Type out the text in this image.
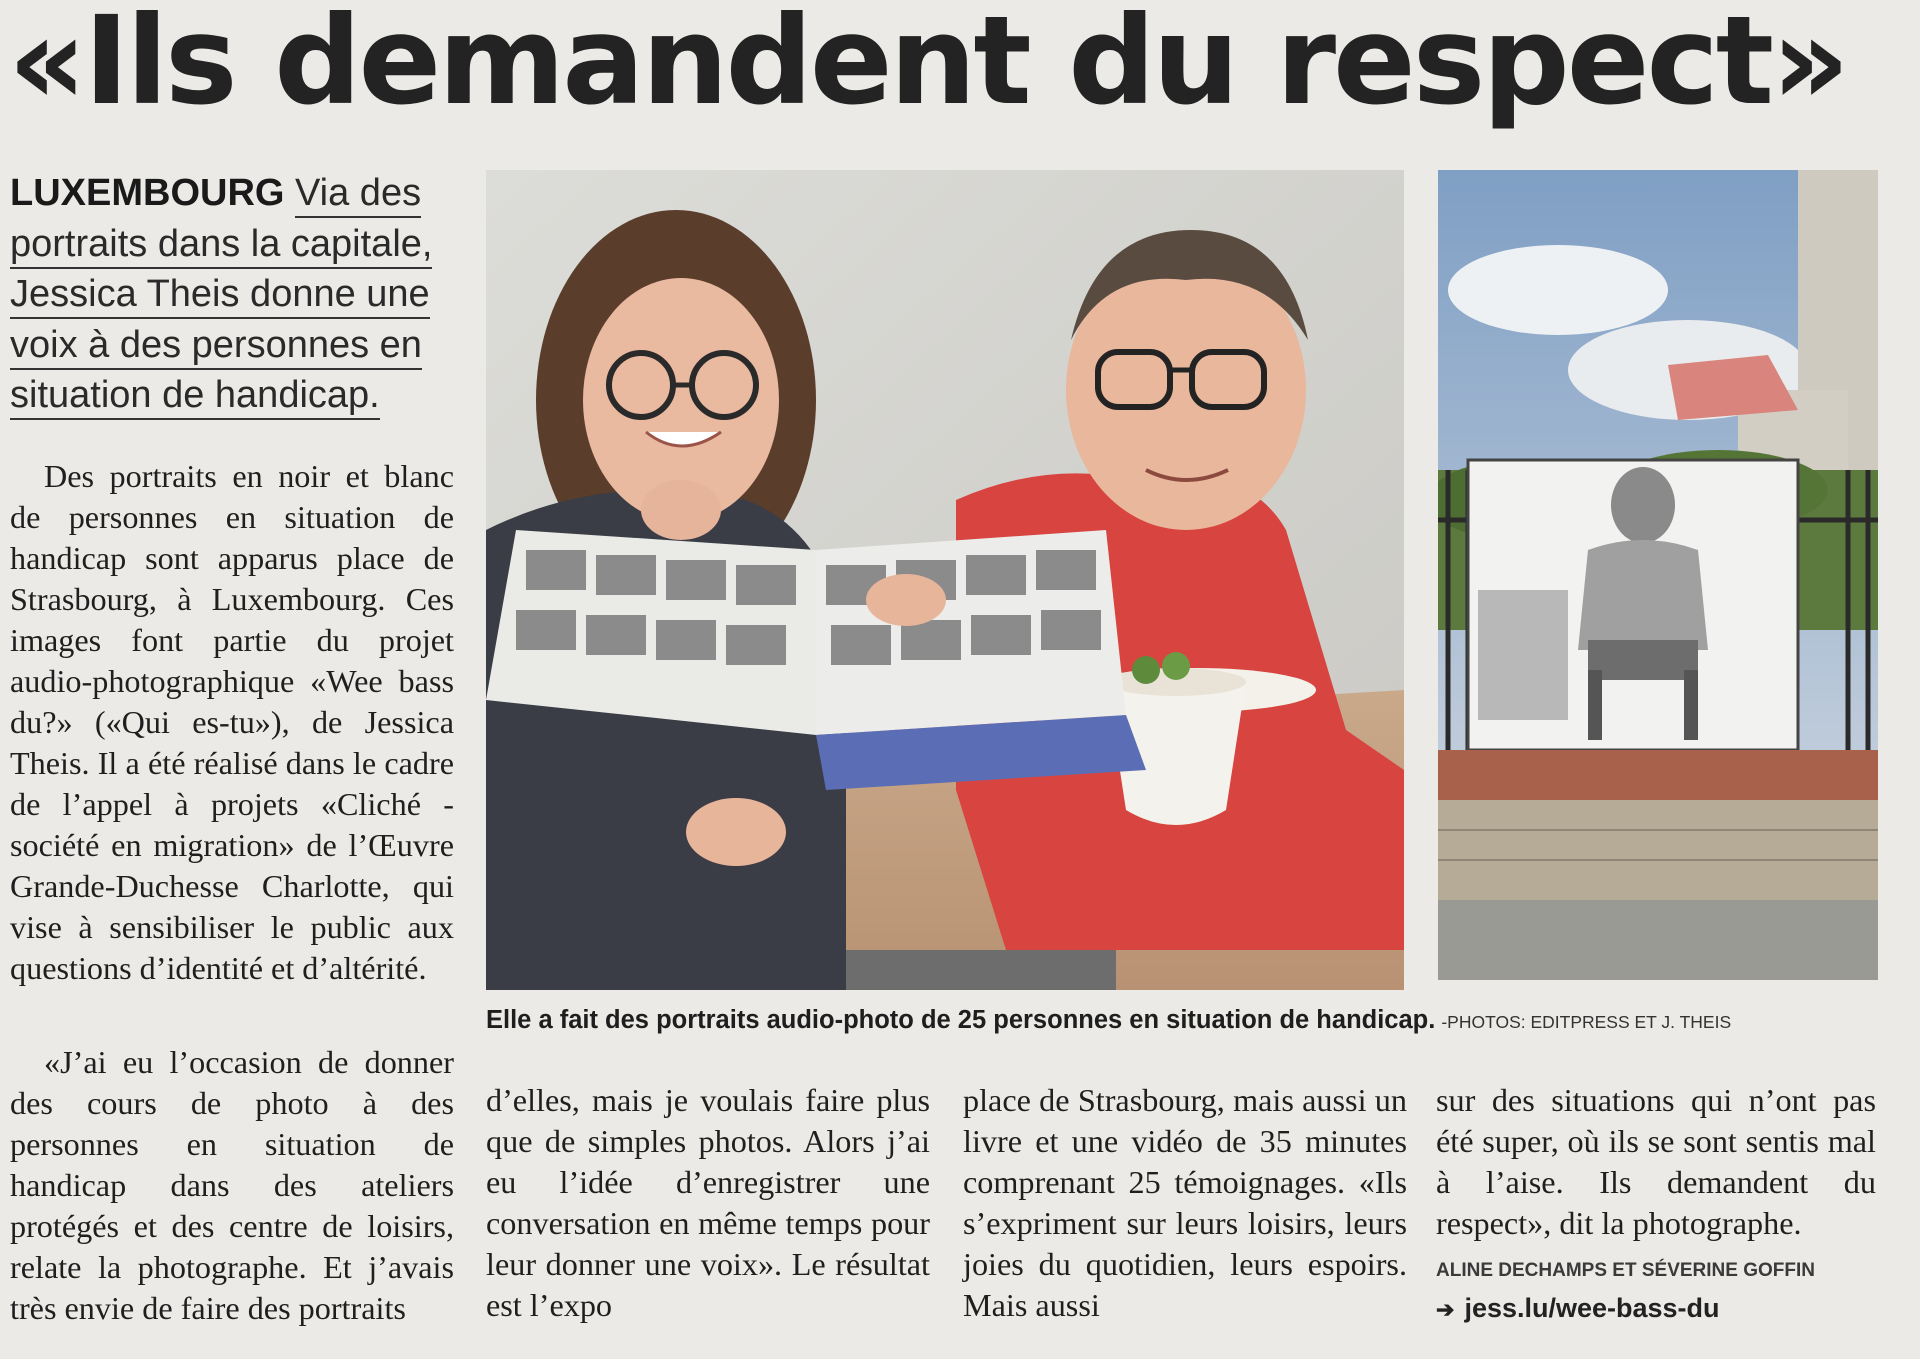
«Ils demandent du respect»
LUXEMBOURG Via des
portraits dans la capitale,
Jessica Theis donne une
voix à des personnes en
situation de handicap.

Des portraits en noir et blanc de personnes en situation de handicap sont apparus place de Strasbourg, à Luxembourg. Ces images font partie du projet audio-photographique «Wee bass du?» («Qui es-tu»), de Jessica Theis. Il a été réalisé dans le cadre de l’appel à projets «Cliché - société en migration» de l’Œuvre Grande-Duchesse Charlotte, qui vise à sensibiliser le public aux questions d’identité et d’altérité.

«J’ai eu l’occasion de donner des cours de photo à des personnes en situation de handicap dans des ateliers protégés et des centre de loisirs, relate la photographe. Et j’avais très envie de faire des portraits

d’elles, mais je voulais faire plus que de simples photos. Alors j’ai eu l’idée d’enregistrer une conversation en même temps pour leur donner une voix». Le résultat est l’expo

place de Strasbourg, mais aussi un livre et une vidéo de 35 minutes comprenant 25 témoignages. «Ils s’expriment sur leurs loisirs, leurs joies du quotidien, leurs espoirs. Mais aussi

sur des situations qui n’ont pas été super, où ils se sont sentis mal à l’aise. Ils demandent du respect», dit la photographe.

ALINE DECHAMPS ET SÉVERINE GOFFIN
➔ jess.lu/wee-bass-du
Elle a fait des portraits audio-photo de 25 personnes en situation de handicap. -PHOTOS: EDITPRESS ET J. THEIS
